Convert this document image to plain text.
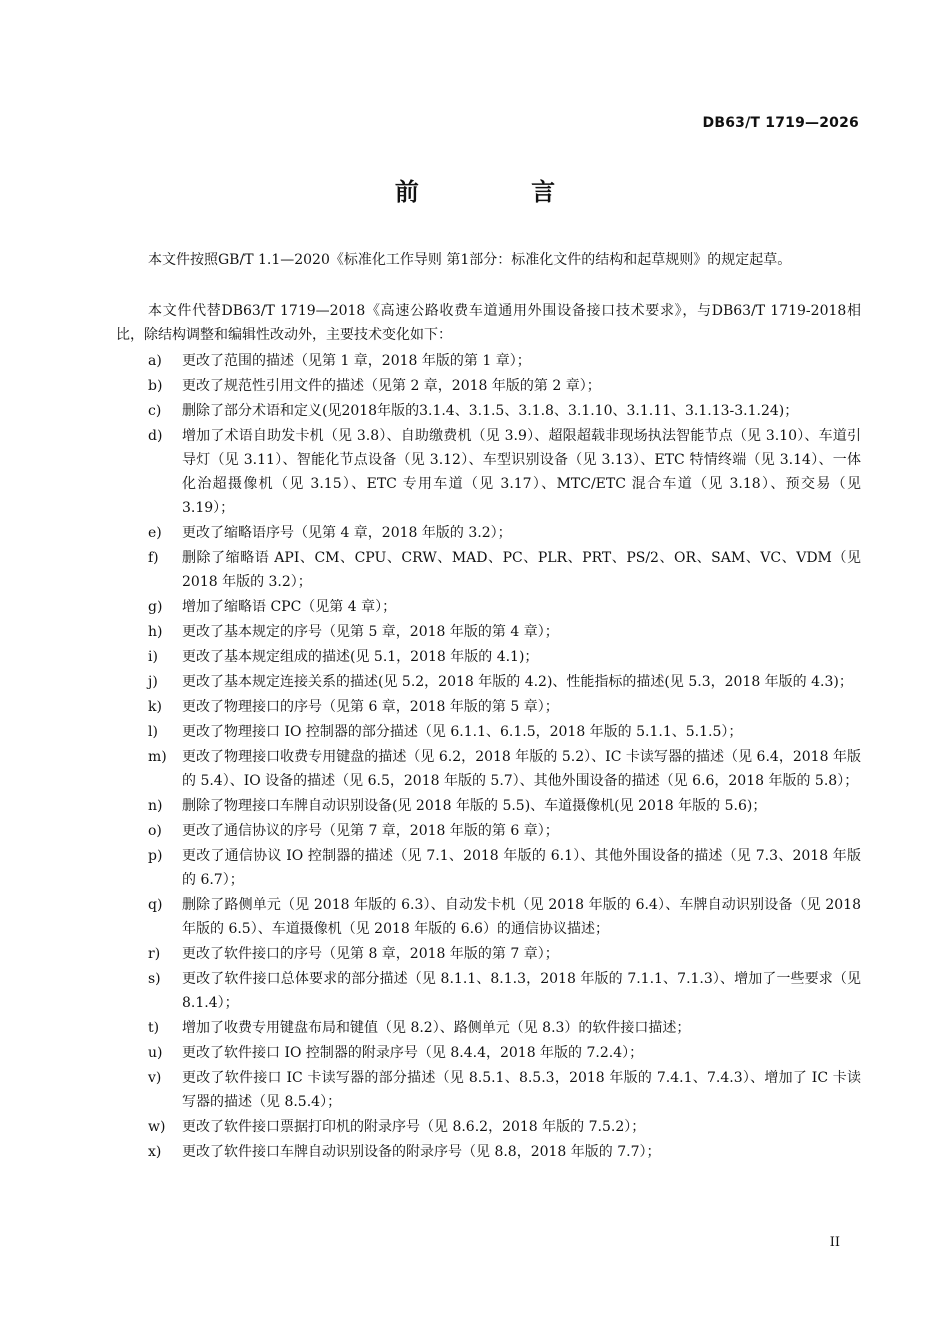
DB63/T 1719—2026
前 言

本文件按照GB/T 1.1—2020《标准化工作导则 第1部分：标准化文件的结构和起草规则》的规定起草。

本文件代替DB63/T 1719—2018《高速公路收费车道通用外围设备接口技术要求》，与DB63/T 1719-2018相比，除结构调整和编辑性改动外，主要技术变化如下：

a)	更改了范围的描述（见第 1 章，2018 年版的第 1 章）；
b)	更改了规范性引用文件的描述（见第 2 章，2018 年版的第 2 章）；
c)	删除了部分术语和定义(见2018年版的3.1.4、3.1.5、3.1.8、3.1.10、3.1.11、3.1.13-3.1.24)；
d)	增加了术语自助发卡机（见 3.8）、自助缴费机（见 3.9）、超限超载非现场执法智能节点（见 3.10）、车道引导灯（见 3.11）、智能化节点设备（见 3.12）、车型识别设备（见 3.13）、ETC 特情终端（见 3.14）、一体化治超摄像机（见 3.15）、ETC 专用车道（见 3.17）、MTC/ETC 混合车道（见 3.18）、预交易（见 3.19）；
e)	更改了缩略语序号（见第 4 章，2018 年版的 3.2）；
f)	删除了缩略语 API、CM、CPU、CRW、MAD、PC、PLR、PRT、PS/2、OR、SAM、VC、VDM（见 2018 年版的 3.2）；
g)	增加了缩略语 CPC（见第 4 章）；
h)	更改了基本规定的序号（见第 5 章，2018 年版的第 4 章）；
i)	更改了基本规定组成的描述(见 5.1，2018 年版的 4.1)；
j)	更改了基本规定连接关系的描述(见 5.2，2018 年版的 4.2)、性能指标的描述(见 5.3，2018 年版的 4.3)；
k)	更改了物理接口的序号（见第 6 章，2018 年版的第 5 章）；
l)	更改了物理接口 IO 控制器的部分描述（见 6.1.1、6.1.5，2018 年版的 5.1.1、5.1.5）；
m)	更改了物理接口收费专用键盘的描述（见 6.2，2018 年版的 5.2）、IC 卡读写器的描述（见 6.4，2018 年版的 5.4）、IO 设备的描述（见 6.5，2018 年版的 5.7）、其他外围设备的描述（见 6.6，2018 年版的 5.8）；
n)	删除了物理接口车牌自动识别设备(见 2018 年版的 5.5)、车道摄像机(见 2018 年版的 5.6)；
o)	更改了通信协议的序号（见第 7 章，2018 年版的第 6 章）；
p)	更改了通信协议 IO 控制器的描述（见 7.1、2018 年版的 6.1）、其他外围设备的描述（见 7.3、2018 年版的 6.7）；
q)	删除了路侧单元（见 2018 年版的 6.3）、自动发卡机（见 2018 年版的 6.4）、车牌自动识别设备（见 2018 年版的 6.5）、车道摄像机（见 2018 年版的 6.6）的通信协议描述；
r)	更改了软件接口的序号（见第 8 章，2018 年版的第 7 章）；
s)	更改了软件接口总体要求的部分描述（见 8.1.1、8.1.3，2018 年版的 7.1.1、7.1.3）、增加了一些要求（见 8.1.4）；
t)	增加了收费专用键盘布局和键值（见 8.2）、路侧单元（见 8.3）的软件接口描述；
u)	更改了软件接口 IO 控制器的附录序号（见 8.4.4，2018 年版的 7.2.4）；
v)	更改了软件接口 IC 卡读写器的部分描述（见 8.5.1、8.5.3，2018 年版的 7.4.1、7.4.3）、增加了 IC 卡读写器的描述（见 8.5.4）；
w)	更改了软件接口票据打印机的附录序号（见 8.6.2，2018 年版的 7.5.2）；
x)	更改了软件接口车牌自动识别设备的附录序号（见 8.8，2018 年版的 7.7）；
II
